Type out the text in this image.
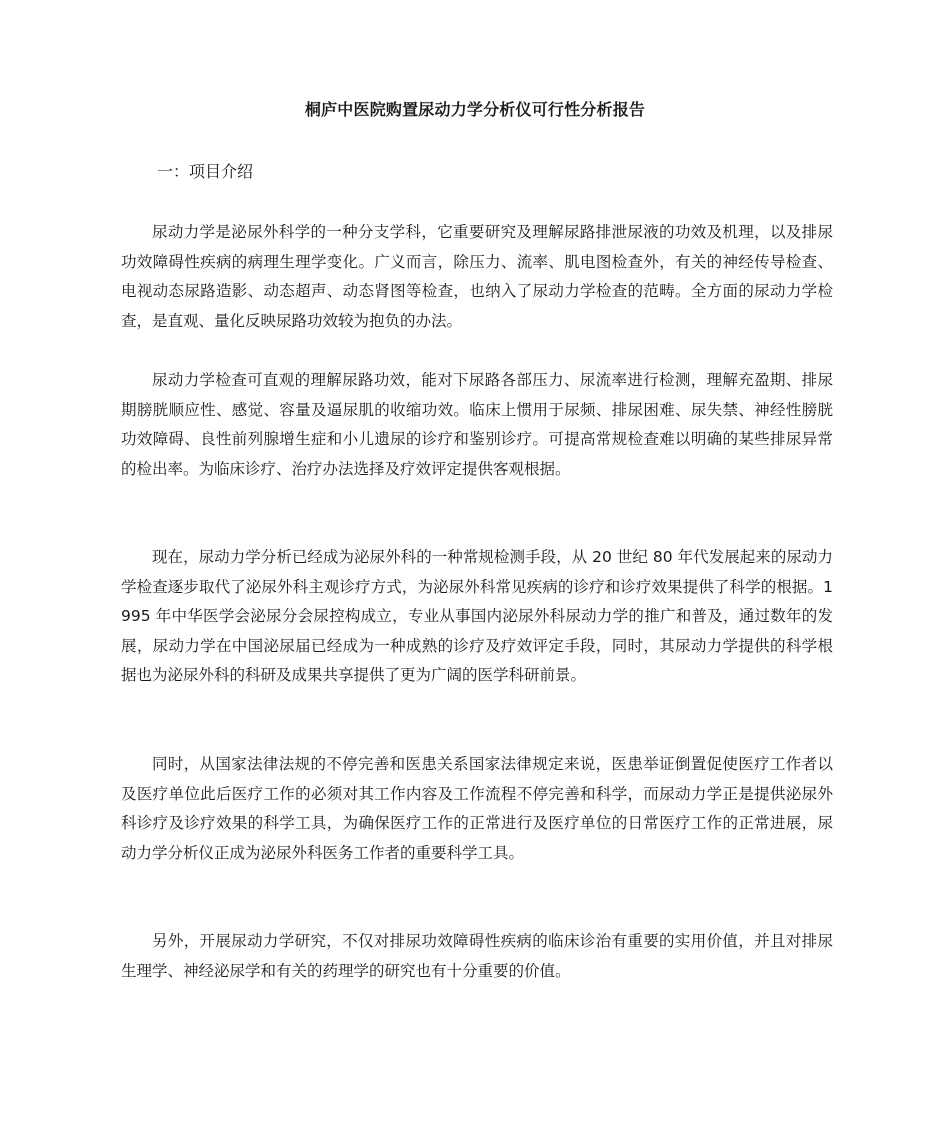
桐庐中医院购置尿动力学分析仪可行性分析报告
一：项目介绍

尿动力学是泌尿外科学的一种分支学科，它重要研究及理解尿路排泄尿液的功效及机理，以及排尿功效障碍性疾病的病理生理学变化。广义而言，除压力、流率、肌电图检查外，有关的神经传导检查、电视动态尿路造影、动态超声、动态肾图等检查，也纳入了尿动力学检查的范畴。全方面的尿动力学检查，是直观、量化反映尿路功效较为抱负的办法。

尿动力学检查可直观的理解尿路功效，能对下尿路各部压力、尿流率进行检测，理解充盈期、排尿期膀胱顺应性、感觉、容量及逼尿肌的收缩功效。临床上惯用于尿频、排尿困难、尿失禁、神经性膀胱功效障碍、良性前列腺增生症和小儿遗尿的诊疗和鉴别诊疗。可提高常规检查难以明确的某些排尿异常的检出率。为临床诊疗、治疗办法选择及疗效评定提供客观根据。

现在，尿动力学分析已经成为泌尿外科的一种常规检测手段，从 20 世纪 80 年代发展起来的尿动力学检查逐步取代了泌尿外科主观诊疗方式，为泌尿外科常见疾病的诊疗和诊疗效果提供了科学的根据。1995 年中华医学会泌尿分会尿控构成立，专业从事国内泌尿外科尿动力学的推广和普及，通过数年的发展，尿动力学在中国泌尿届已经成为一种成熟的诊疗及疗效评定手段，同时，其尿动力学提供的科学根据也为泌尿外科的科研及成果共享提供了更为广阔的医学科研前景。

同时，从国家法律法规的不停完善和医患关系国家法律规定来说，医患举证倒置促使医疗工作者以及医疗单位此后医疗工作的必须对其工作内容及工作流程不停完善和科学，而尿动力学正是提供泌尿外科诊疗及诊疗效果的科学工具，为确保医疗工作的正常进行及医疗单位的日常医疗工作的正常进展，尿动力学分析仪正成为泌尿外科医务工作者的重要科学工具。

另外，开展尿动力学研究，不仅对排尿功效障碍性疾病的临床诊治有重要的实用价值，并且对排尿生理学、神经泌尿学和有关的药理学的研究也有十分重要的价值。
